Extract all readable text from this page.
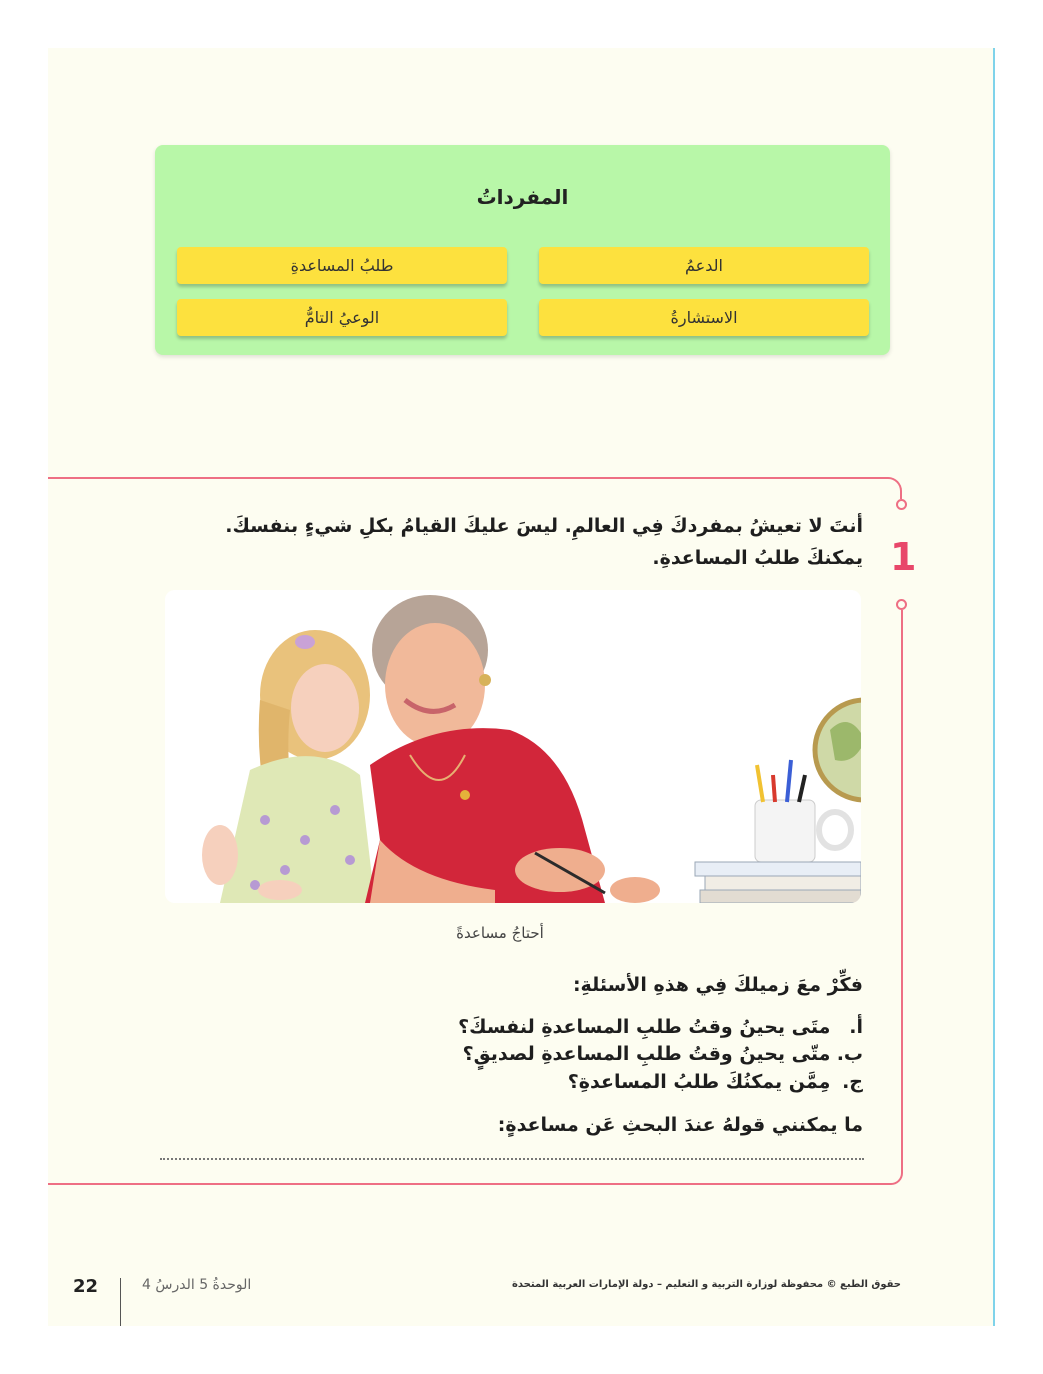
المفرداتُ
الدعمُ
طلبُ المساعدةِ
الاستشارةُ
الوعيُ التامُّ
1
أنتَ لا تعيشُ بمفردكَ فِي العالمِ. ليسَ عليكَ القيامُ بكلِ شيءٍ بنفسكَ. يمكنكَ طلبُ المساعدةِ.
أحتاجُ مساعدةً
فكِّرْ معَ زميلكَ فِي هذهِ الأسئلةِ:
أ. متَى يحينُ وقتُ طلبِ المساعدةِ لنفسكَ؟
ب. متّى يحينُ وقتُ طلبِ المساعدةِ لصديقٍ؟
ج. مِمَّن يمكنُكَ طلبُ المساعدةِ؟
ما يمكنني قولهُ عندَ البحثِ عَن مساعدةٍ:
22	الوحدةُ 5 الدرسُ 4	حقوق الطبع © محفوظة لوزارة التربية و التعليم – دولة الإمارات العربية المتحدة
